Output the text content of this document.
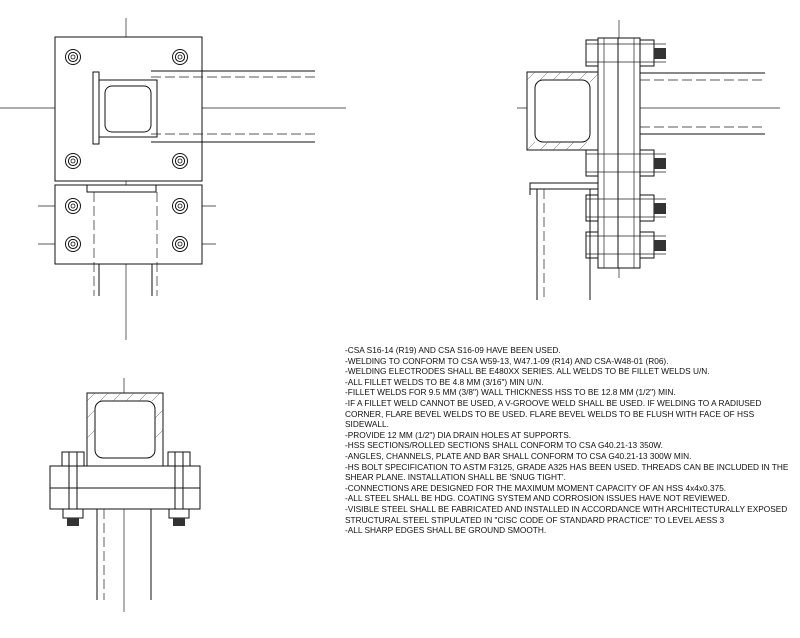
-CSA S16-14 (R19) AND CSA S16-09 HAVE BEEN USED.
-WELDING TO CONFORM TO CSA W59-13, W47.1-09 (R14) AND CSA-W48-01 (R06).
-WELDING ELECTRODES SHALL BE E480XX SERIES. ALL WELDS TO BE FILLET WELDS U/N.
-ALL FILLET WELDS TO BE 4.8 MM (3/16") MIN U/N.
-FILLET WELDS FOR 9.5 MM (3/8") WALL THICKNESS HSS TO BE 12.8 MM (1/2") MIN.
-IF A FILLET WELD CANNOT BE USED, A V-GROOVE WELD SHALL BE USED. IF WELDING TO A RADIUSED CORNER, FLARE BEVEL WELDS TO BE USED. FLARE BEVEL WELDS TO BE FLUSH WITH FACE OF HSS SIDEWALL.
-PROVIDE 12 MM (1/2") DIA DRAIN HOLES AT SUPPORTS.
-HSS SECTIONS/ROLLED SECTIONS SHALL CONFORM TO CSA G40.21-13 350W.
-ANGLES, CHANNELS, PLATE AND BAR SHALL CONFORM TO CSA G40.21-13 300W MIN.
-HS BOLT SPECIFICATION TO ASTM F3125, GRADE A325 HAS BEEN USED. THREADS CAN BE INCLUDED IN THE SHEAR PLANE. INSTALLATION SHALL BE 'SNUG TIGHT'.
-CONNECTIONS ARE DESIGNED FOR THE MAXIMUM MOMENT CAPACITY OF AN HSS 4x4x0.375.
-ALL STEEL SHALL BE HDG. COATING SYSTEM AND CORROSION ISSUES HAVE NOT REVIEWED.
-VISIBLE STEEL SHALL BE FABRICATED AND INSTALLED IN ACCORDANCE WITH ARCHITECTURALLY EXPOSED STRUCTURAL STEEL STIPULATED IN "CISC CODE OF STANDARD PRACTICE" TO LEVEL AESS 3
-ALL SHARP EDGES SHALL BE GROUND SMOOTH.
